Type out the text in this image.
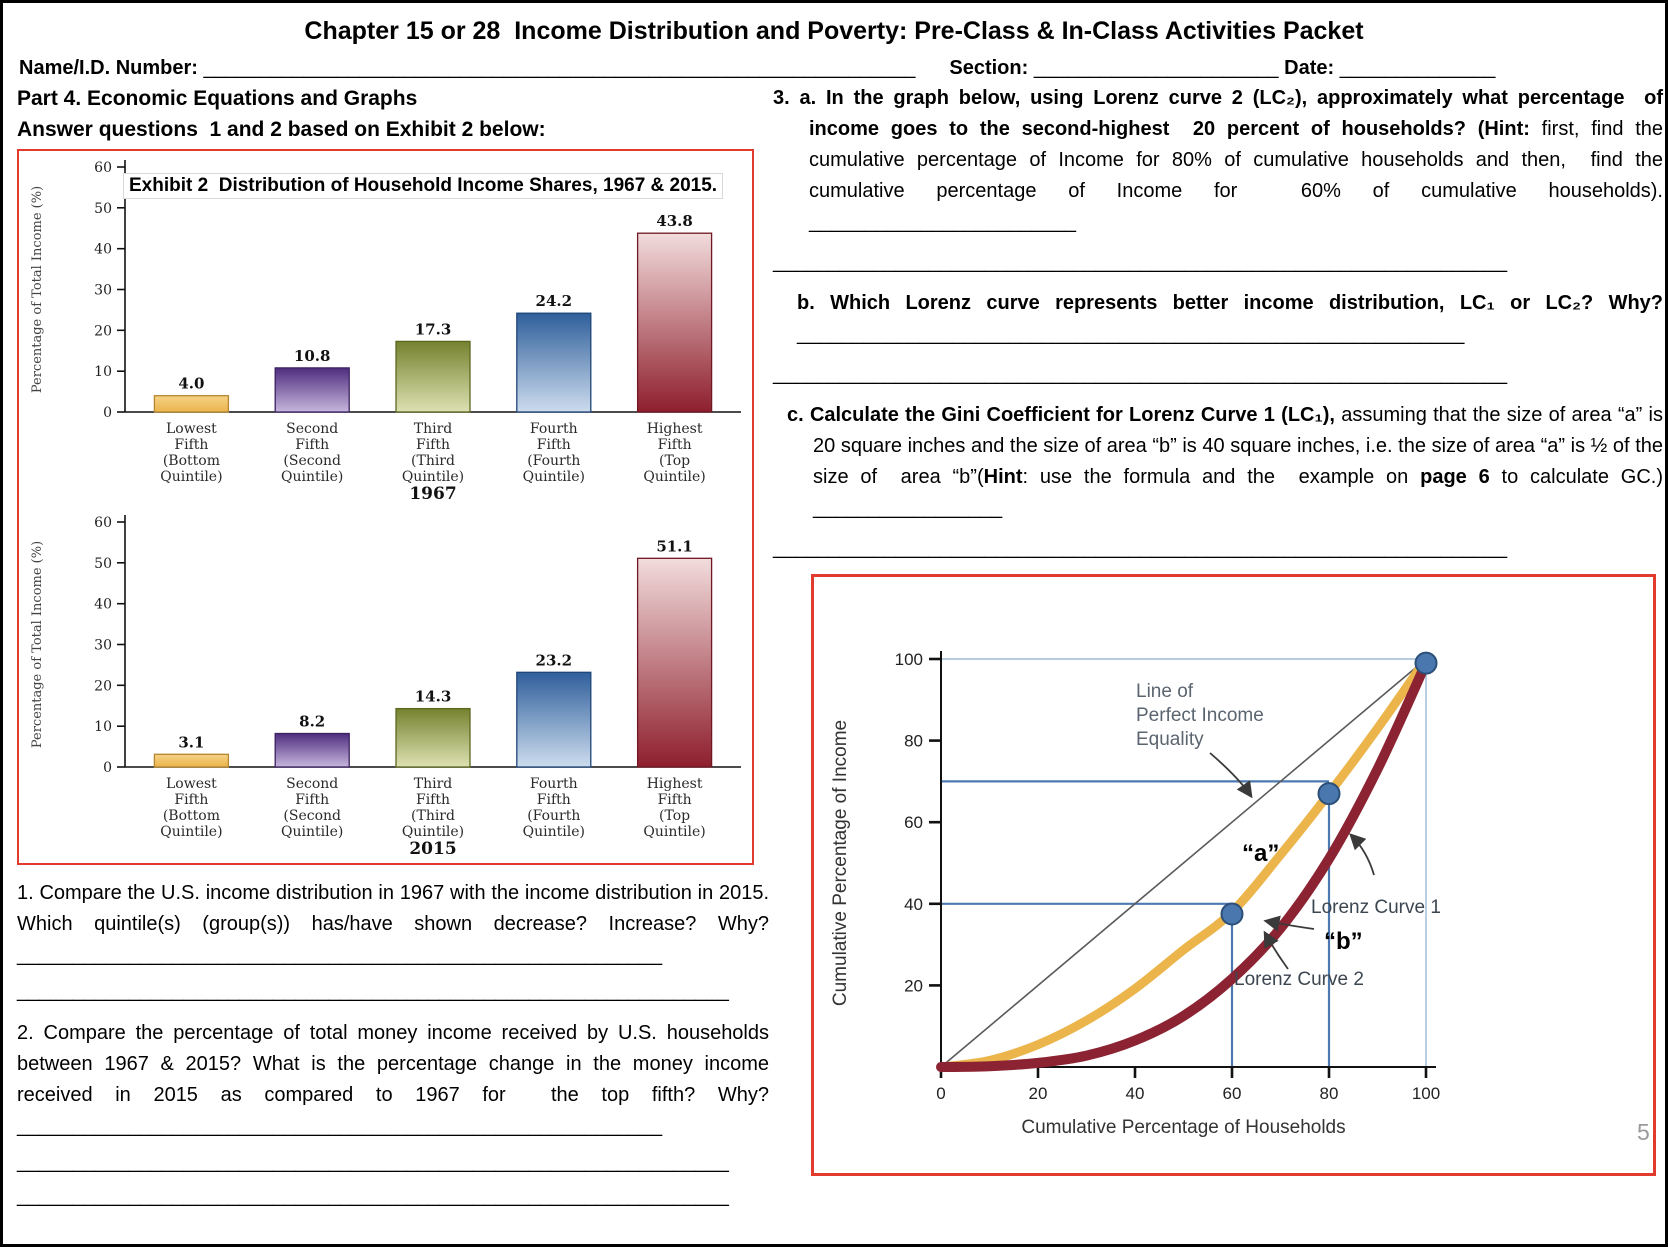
Chapter 15 or 28  Income Distribution and Poverty: Pre-Class & In-Class Activities Packet
Name/I.D. Number: ________________________________________________________________ Section: ______________________ Date: ______________
Part 4. Economic Equations and Graphs
Answer questions  1 and 2 based on Exhibit 2 below:
Exhibit 2  Distribution of Household Income Shares, 1967 & 2015.
0
10
20
30
40
50
60
4.0
Lowest
Fifth
(Bottom
Quintile)
10.8
Second
Fifth
(Second
Quintile)
17.3
Third
Fifth
(Third
Quintile)
24.2
Fourth
Fifth
(Fourth
Quintile)
43.8
Highest
Fifth
(Top
Quintile)
1967
Percentage of Total Income (%)
0
10
20
30
40
50
60
3.1
Lowest
Fifth
(Bottom
Quintile)
8.2
Second
Fifth
(Second
Quintile)
14.3
Third
Fifth
(Third
Quintile)
23.2
Fourth
Fifth
(Fourth
Quintile)
51.1
Highest
Fifth
(Top
Quintile)
2015
Percentage of Total Income (%)

1. Compare the U.S. income distribution in 1967 with the income distribution in 2015. Which quintile(s) (group(s)) has/have shown decrease? Increase? Why? __________________________________________________________

________________________________________________________________

2. Compare the percentage of total money income received by U.S. households between 1967 & 2015? What is the percentage change in the money income received in 2015 as compared to 1967 for  the top fifth? Why? __________________________________________________________

________________________________________________________________
________________________________________________________________

3. a. In the graph below, using Lorenz curve 2 (LC₂), approximately what percentage  of income goes to the second-highest  20 percent of households? (Hint: first, find the cumulative percentage of Income for 80% of cumulative households and then,  find the cumulative percentage of Income for  60% of cumulative households). ________________________

__________________________________________________________________

b. Which Lorenz curve represents better income distribution, LC₁ or LC₂? Why? ____________________________________________________________

__________________________________________________________________

c. Calculate the Gini Coefficient for Lorenz Curve 1 (LC₁), assuming that the size of area “a” is 20 square inches and the size of area “b” is 40 square inches, i.e. the size of area “a” is ½ of the size of  area “b”(Hint: use the formula and the  example on page 6 to calculate GC.) _________________

__________________________________________________________________
20
40
60
80
100
0	20	40	60	80	100
Cumulative Percentage of Households
Cumulative Percentage of Income
Line of
Perfect Income
Equality
“a”
Lorenz Curve 1
“b”
Lorenz Curve 2
5
